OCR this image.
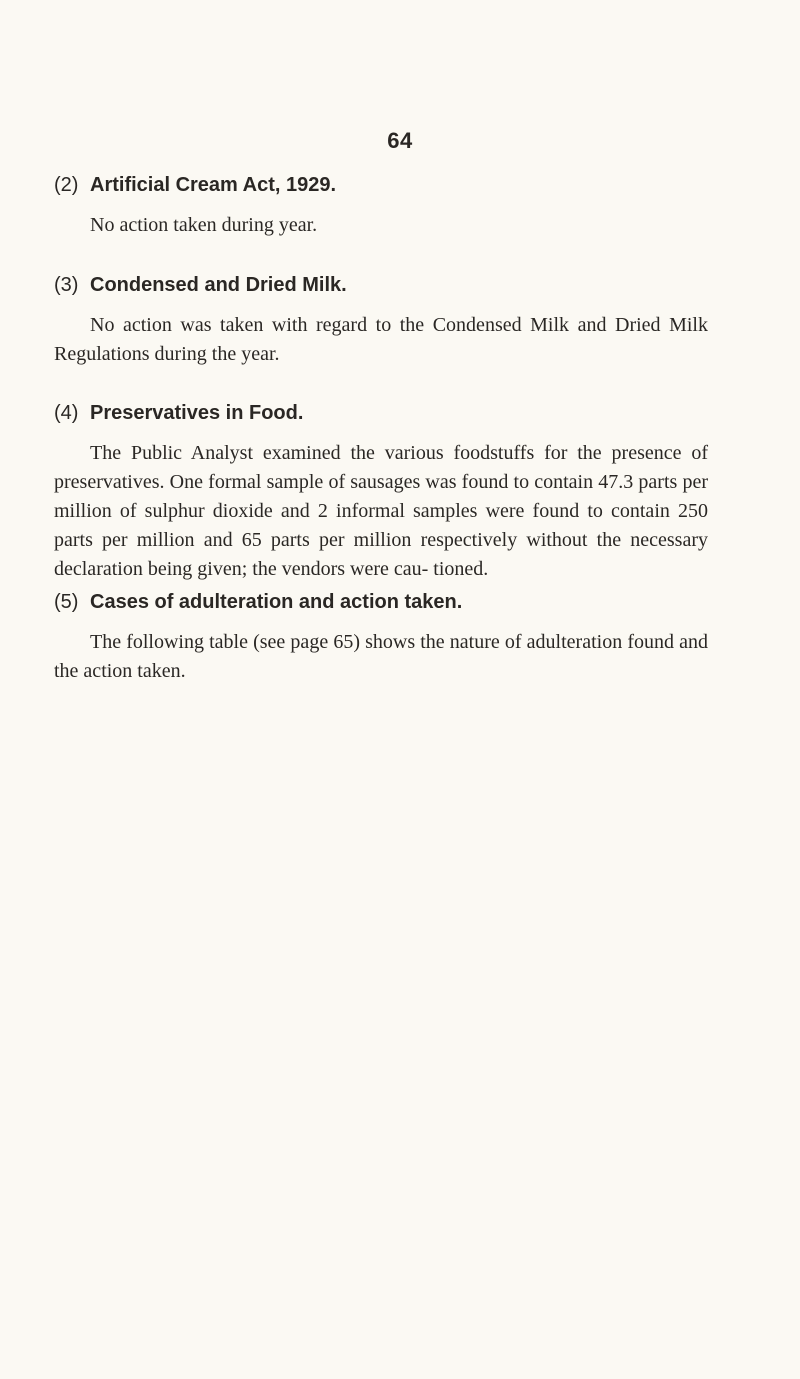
64
(2) Artificial Cream Act, 1929.
No action taken during year.
(3) Condensed and Dried Milk.
No action was taken with regard to the Condensed Milk and Dried Milk Regulations during the year.
(4) Preservatives in Food.
The Public Analyst examined the various foodstuffs for the presence of preservatives. One formal sample of sausages was found to contain 47.3 parts per million of sulphur dioxide and 2 informal samples were found to contain 250 parts per million and 65 parts per million respectively without the necessary declaration being given; the vendors were cau- tioned.
(5) Cases of adulteration and action taken.
The following table (see page 65) shows the nature of adulteration found and the action taken.
